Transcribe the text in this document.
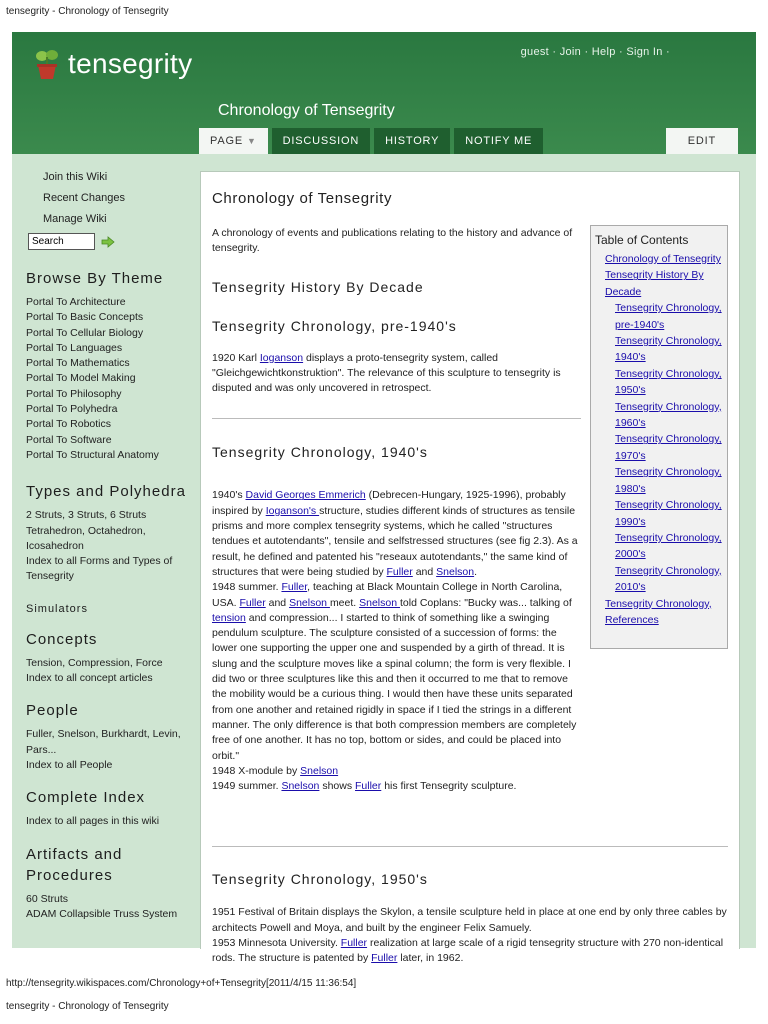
tensegrity - Chronology of Tensegrity
tensegrity	guest · Join · Help · Sign In ·
Chronology of Tensegrity
PAGE ▼	DISCUSSION	HISTORY	NOTIFY ME	EDIT
Join this Wiki
Recent Changes
Manage Wiki
Search
Browse By Theme
Portal To Architecture
Portal To Basic Concepts
Portal To Cellular Biology
Portal To Languages
Portal To Mathematics
Portal To Model Making
Portal To Philosophy
Portal To Polyhedra
Portal To Robotics
Portal To Software
Portal To Structural Anatomy
Types and Polyhedra
2 Struts, 3 Struts, 6 Struts Tetrahedron, Octahedron, Icosahedron
Index to all Forms and Types of Tensegrity
Simulators
Concepts
Tension, Compression, Force
Index to all concept articles
People
Fuller, Snelson, Burkhardt, Levin, Pars...
Index to all People
Complete Index
Index to all pages in this wiki
Artifacts and Procedures
60 Struts
ADAM Collapsible Truss System
Chronology of Tensegrity
A chronology of events and publications relating to the history and advance of tensegrity.
Tensegrity History By Decade
Tensegrity Chronology, pre-1940's
1920 Karl Ioganson displays a proto-tensegrity system, called "Gleichgewichtkonstruktion". The relevance of this sculpture to tensegrity is disputed and was only uncovered in retrospect.
Tensegrity Chronology, 1940's
1940's David Georges Emmerich (Debrecen-Hungary, 1925-1996), probably inspired by Ioganson's structure, studies different kinds of structures as tensile prisms and more complex tensegrity systems, which he called "structures tendues et autotendants", tensile and selfstressed structures (see fig 2.3). As a result, he defined and patented his "reseaux autotendants," the same kind of structures that were being studied by Fuller and Snelson.
1948 summer. Fuller, teaching at Black Mountain College in North Carolina, USA. Fuller and Snelson meet. Snelson told Coplans: "Bucky was... talking of tension and compression... I started to think of something like a swinging pendulum sculpture. The sculpture consisted of a succession of forms: the lower one supporting the upper one and suspended by a girth of thread. It is slung and the sculpture moves like a spinal column; the form is very flexible. I did two or three sculptures like this and then it occurred to me that to remove the mobility would be a curious thing. I would then have these units separated from one another and retained rigidly in space if I tied the strings in a different manner. The only difference is that both compression members are completely free of one another. It has no top, bottom or sides, and could be placed into orbit."
1948 X-module by Snelson
1949 summer. Snelson shows Fuller his first Tensegrity sculpture.
Tensegrity Chronology, 1950's
1951 Festival of Britain displays the Skylon, a tensile sculpture held in place at one end by only three cables by architects Powell and Moya, and built by the engineer Felix Samuely.
1953 Minnesota University. Fuller realization at large scale of a rigid tensegrity structure with 270 non-identical rods. The structure is patented by Fuller later, in 1962.
Table of Contents
Chronology of Tensegrity
Tensegrity History By Decade
Tensegrity Chronology, pre-1940's
Tensegrity Chronology, 1940's
Tensegrity Chronology, 1950's
Tensegrity Chronology, 1960's
Tensegrity Chronology, 1970's
Tensegrity Chronology, 1980's
Tensegrity Chronology, 1990's
Tensegrity Chronology, 2000's
Tensegrity Chronology, 2010's
Tensegrity Chronology, References
http://tensegrity.wikispaces.com/Chronology+of+Tensegrity[2011/4/15 11:36:54]
tensegrity - Chronology of Tensegrity
